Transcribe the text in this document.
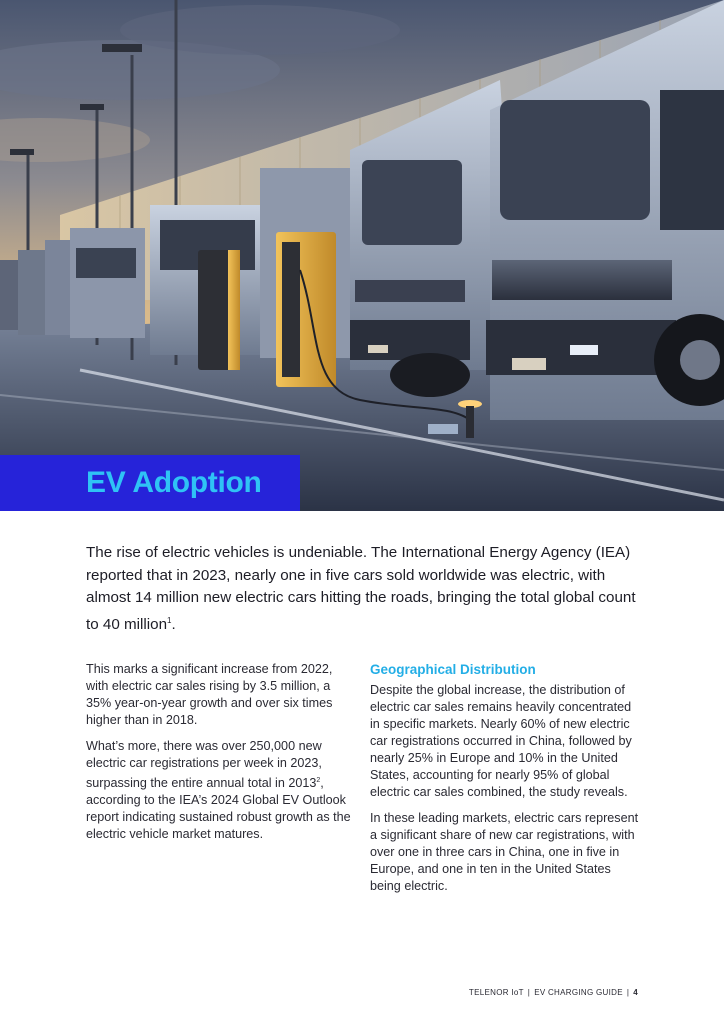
EV Adoption

The rise of electric vehicles is undeniable. The International Energy Agency (IEA) reported that in 2023, nearly one in five cars sold worldwide was electric, with almost 14 million new electric cars hitting the roads, bringing the total global count to 40 million$^1$.

This marks a significant increase from 2022, with electric car sales rising by 3.5 million, a 35% year-on-year growth and over six times higher than in 2018.

What’s more, there was over 250,000 new electric car registrations per week in 2023, surpassing the entire annual total in 2013$^2$, according to the IEA’s 2024 Global EV Outlook report indicating sustained robust growth as the electric vehicle market matures.

Geographical Distribution

Despite the global increase, the distribution of electric car sales remains heavily concentrated in specific markets. Nearly 60% of new electric car registrations occurred in China, followed by nearly 25% in Europe and 10% in the United States, accounting for nearly 95% of global electric car sales combined, the study reveals.

In these leading markets, electric cars represent a significant share of new car registrations, with over one in three cars in China, one in five in Europe, and one in ten in the United States being electric.

TELENOR IoT | EV CHARGING GUIDE | 4
